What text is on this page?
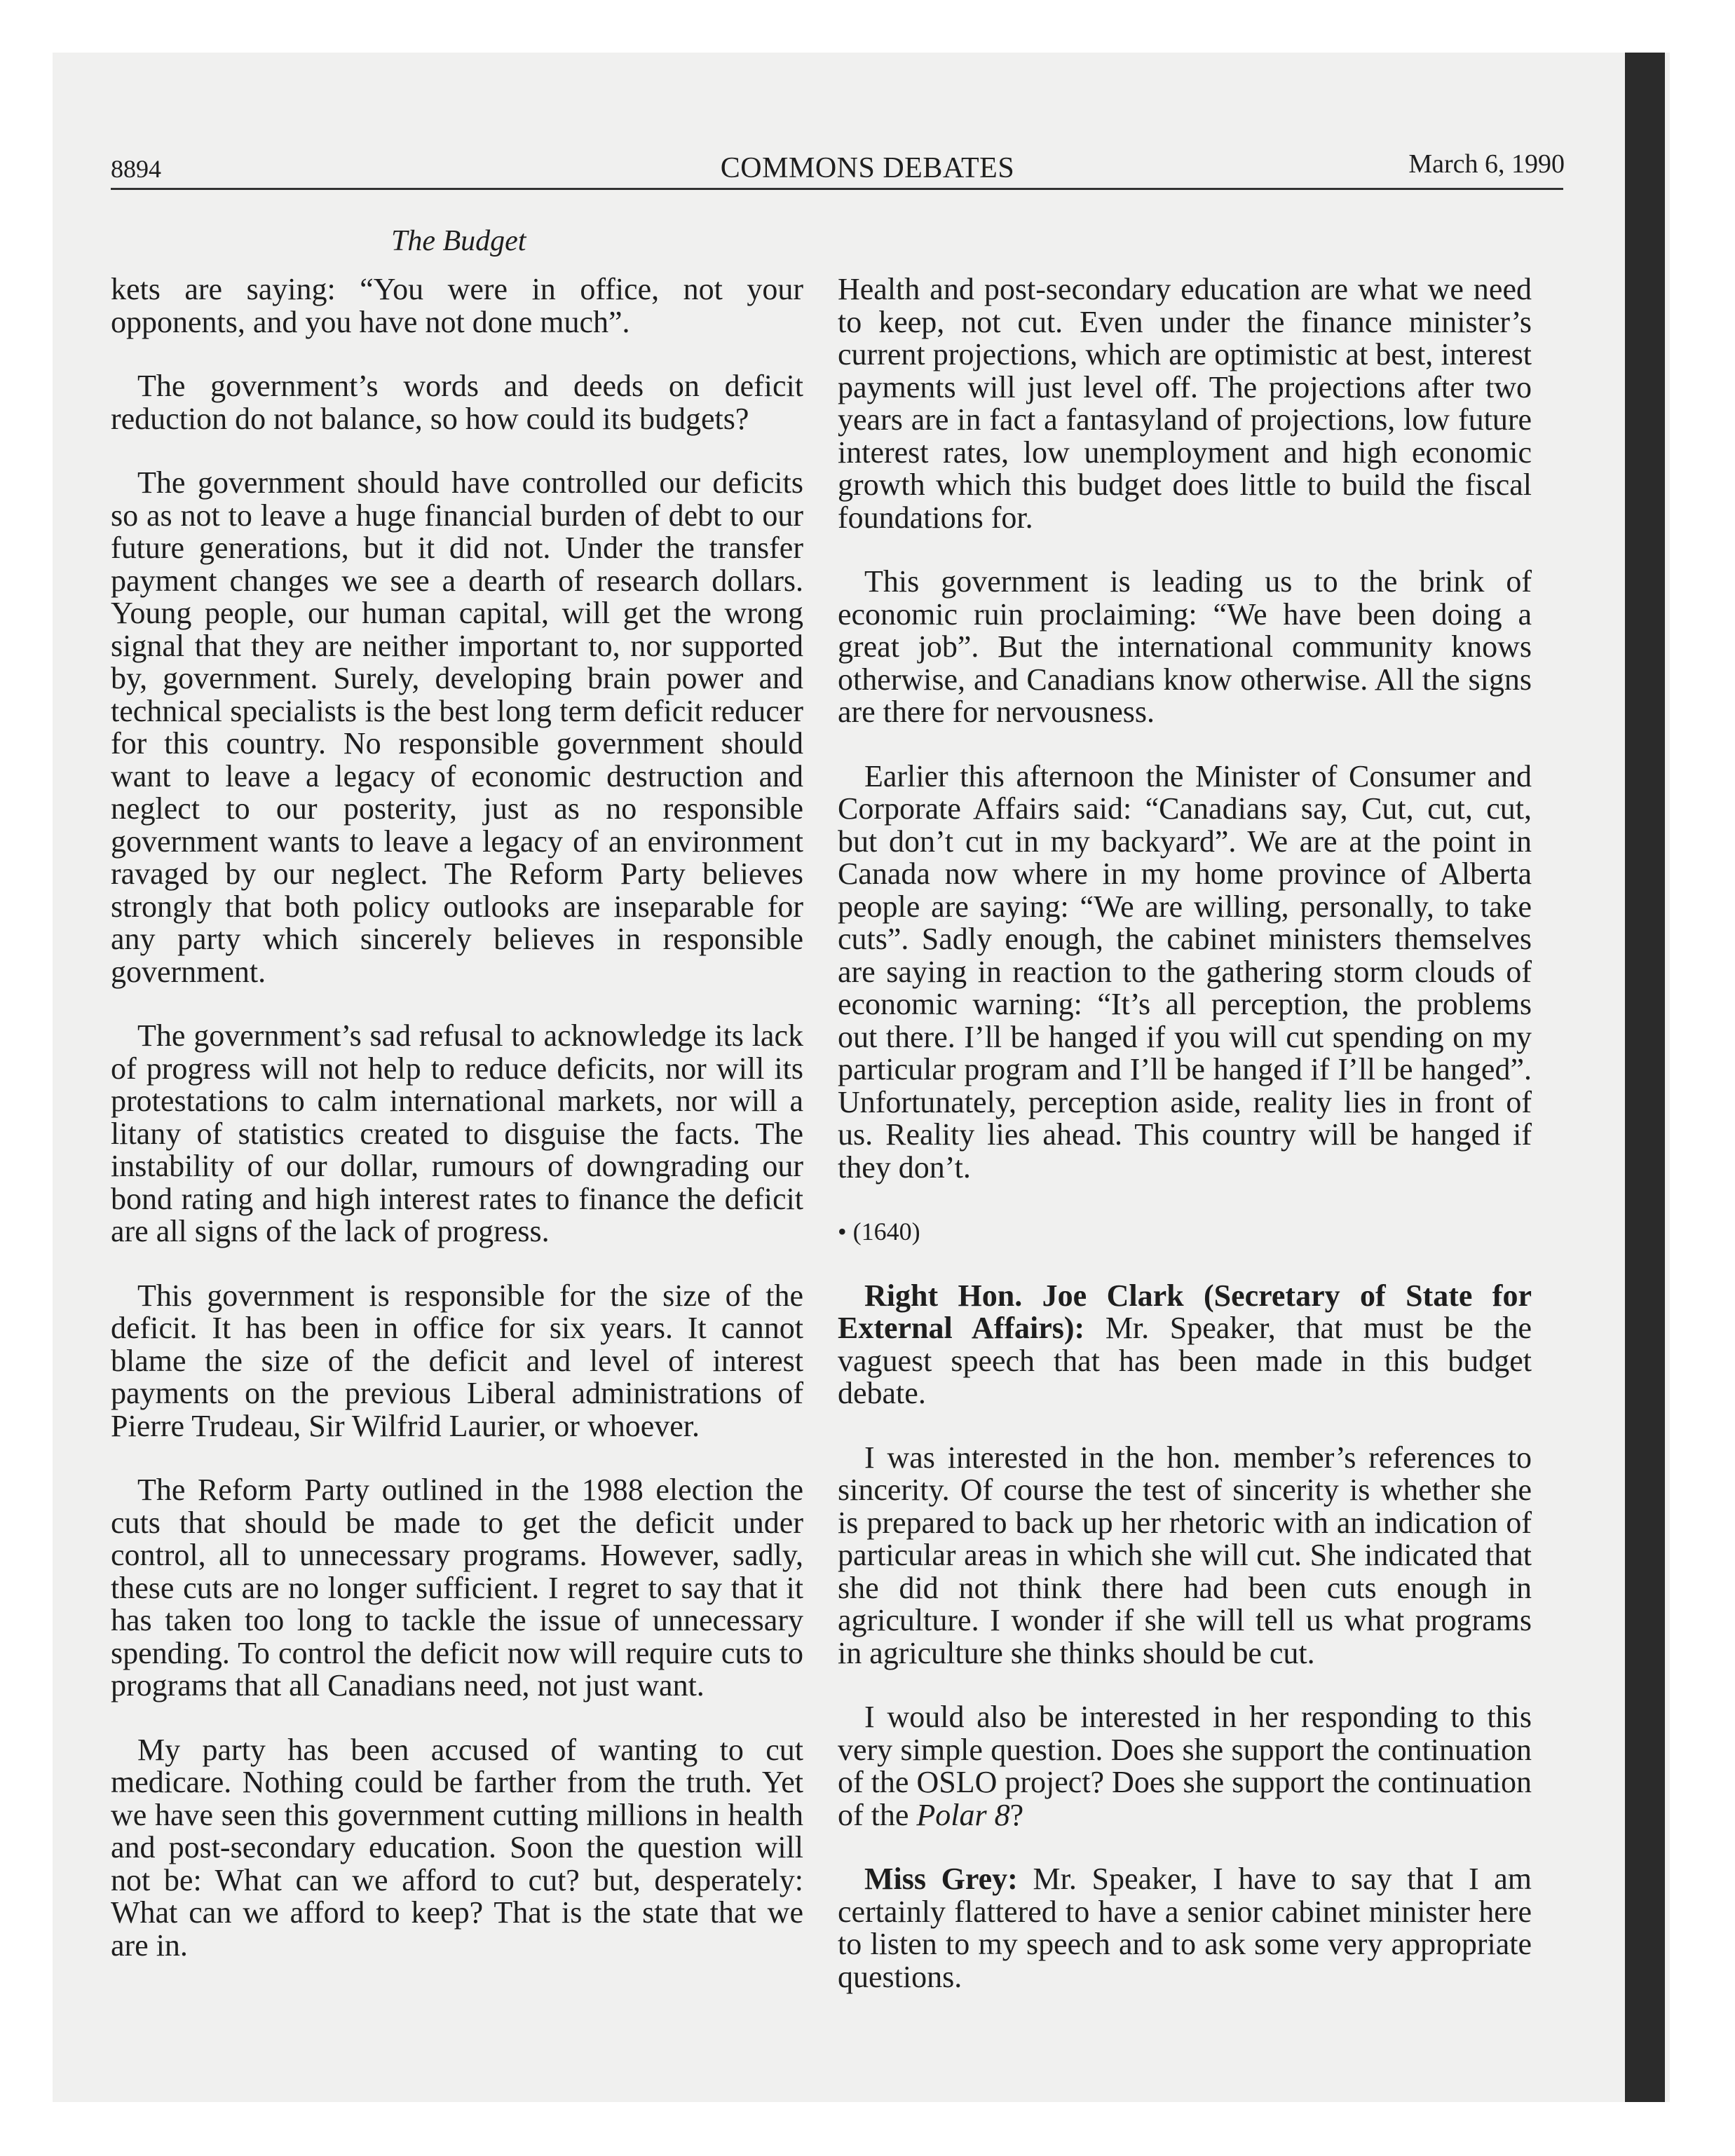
8894	COMMONS DEBATES	March 6, 1990
The Budget

kets are saying: “You were in office, not your opponents, and you have not done much”.

The government’s words and deeds on deficit reduction do not balance, so how could its budgets?

The government should have controlled our deficits so as not to leave a huge financial burden of debt to our future generations, but it did not. Under the transfer payment changes we see a dearth of research dollars. Young people, our human capital, will get the wrong signal that they are neither important to, nor supported by, government. Surely, developing brain power and technical specialists is the best long term deficit reducer for this country. No responsible government should want to leave a legacy of economic destruction and neglect to our posterity, just as no responsible government wants to leave a legacy of an environment ravaged by our neglect. The Reform Party believes strongly that both policy outlooks are inseparable for any party which sincerely believes in responsible government.

The government’s sad refusal to acknowledge its lack of progress will not help to reduce deficits, nor will its protestations to calm international markets, nor will a litany of statistics created to disguise the facts. The instability of our dollar, rumours of downgrading our bond rating and high interest rates to finance the deficit are all signs of the lack of progress.

This government is responsible for the size of the deficit. It has been in office for six years. It cannot blame the size of the deficit and level of interest payments on the previous Liberal administrations of Pierre Trudeau, Sir Wilfrid Laurier, or whoever.

The Reform Party outlined in the 1988 election the cuts that should be made to get the deficit under control, all to unnecessary programs. However, sadly, these cuts are no longer sufficient. I regret to say that it has taken too long to tackle the issue of unnecessary spending. To control the deficit now will require cuts to programs that all Canadians need, not just want.

My party has been accused of wanting to cut medicare. Nothing could be farther from the truth. Yet we have seen this government cutting millions in health and post-secondary education. Soon the question will not be: What can we afford to cut? but, desperately: What can we afford to keep? That is the state that we are in.

Health and post-secondary education are what we need to keep, not cut. Even under the finance minister’s current projections, which are optimistic at best, interest payments will just level off. The projections after two years are in fact a fantasyland of projections, low future interest rates, low unemployment and high economic growth which this budget does little to build the fiscal foundations for.

This government is leading us to the brink of economic ruin proclaiming: “We have been doing a great job”. But the international community knows otherwise, and Canadians know otherwise. All the signs are there for nervousness.

Earlier this afternoon the Minister of Consumer and Corporate Affairs said: “Canadians say, Cut, cut, cut, but don’t cut in my backyard”. We are at the point in Canada now where in my home province of Alberta people are saying: “We are willing, personally, to take cuts”. Sadly enough, the cabinet ministers themselves are saying in reaction to the gathering storm clouds of economic warning: “It’s all perception, the problems out there. I’ll be hanged if you will cut spending on my particular program and I’ll be hanged if I’ll be hanged”. Unfortunately, perception aside, reality lies in front of us. Reality lies ahead. This country will be hanged if they don’t.

• (1640)

Right Hon. Joe Clark (Secretary of State for External Affairs): Mr. Speaker, that must be the vaguest speech that has been made in this budget debate.

I was interested in the hon. member’s references to sincerity. Of course the test of sincerity is whether she is prepared to back up her rhetoric with an indication of particular areas in which she will cut. She indicated that she did not think there had been cuts enough in agriculture. I wonder if she will tell us what programs in agriculture she thinks should be cut.

I would also be interested in her responding to this very simple question. Does she support the continuation of the OSLO project? Does she support the continuation of the Polar 8?

Miss Grey: Mr. Speaker, I have to say that I am certainly flattered to have a senior cabinet minister here to listen to my speech and to ask some very appropriate questions.
